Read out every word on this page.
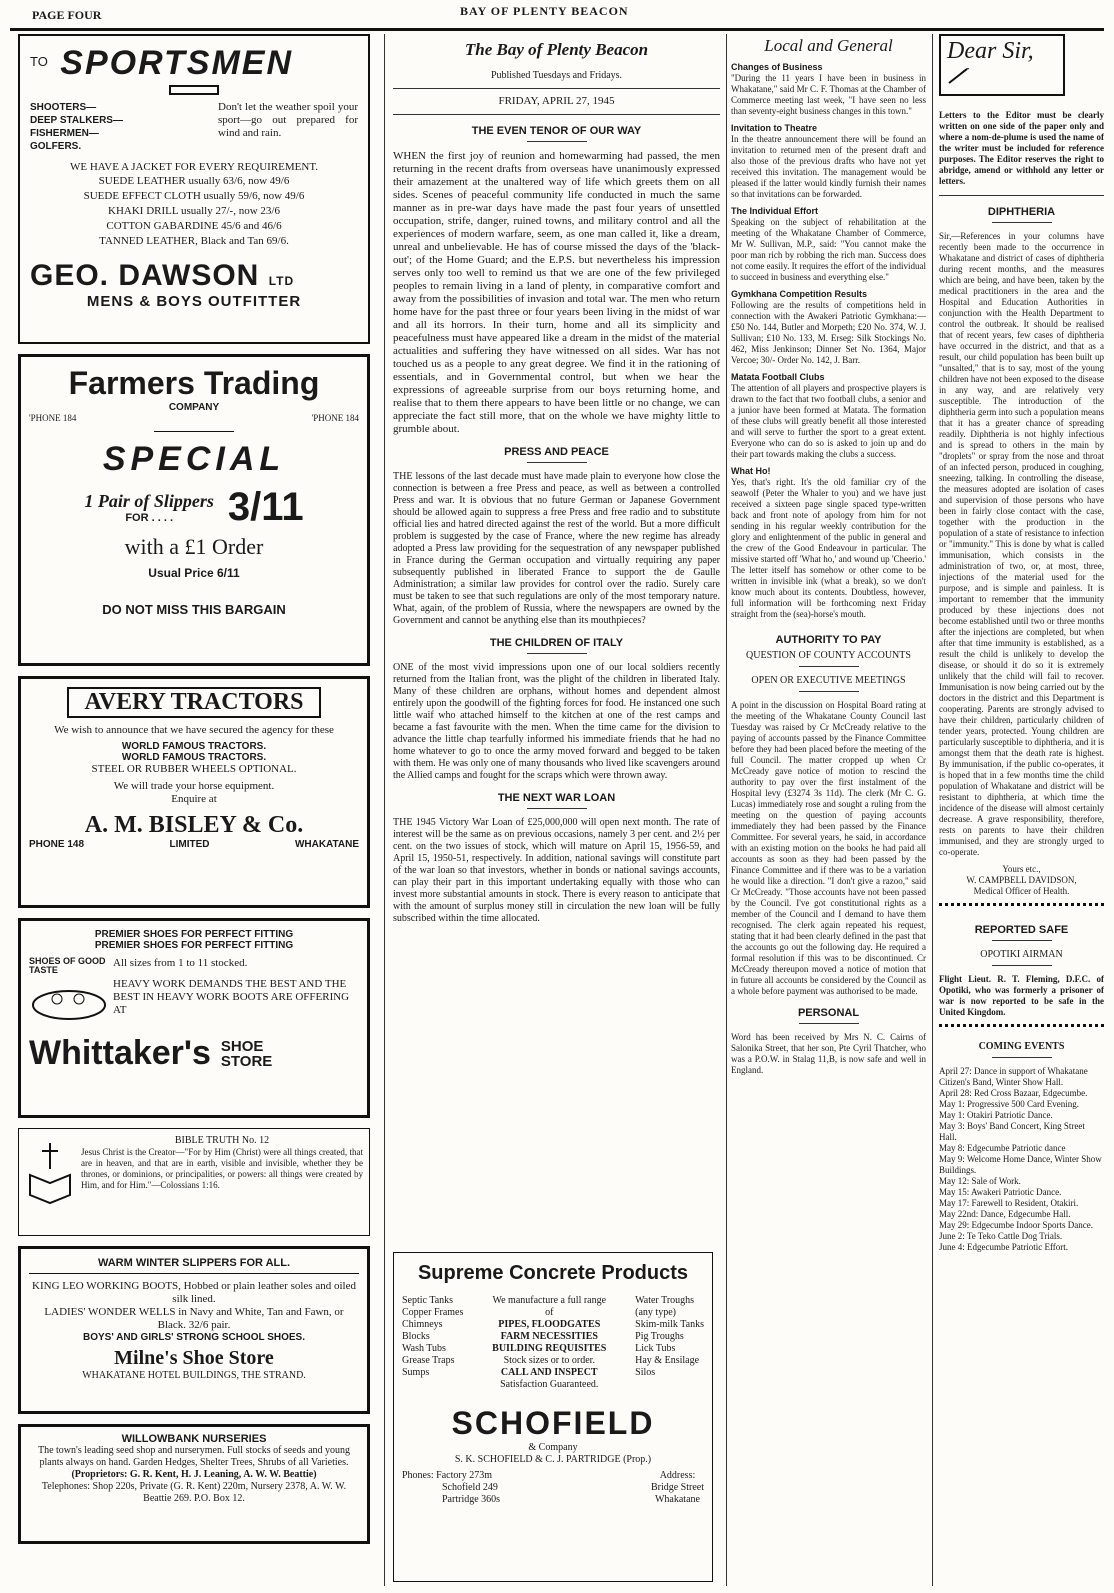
PAGE FOUR	BAY OF PLENTY BEACON
$^{TO}$ SPORTSMEN
SHOOTERS—
DEEP STALKERS—
FISHERMEN—
GOLFERS.
Don't let the weather spoil your sport—go out prepared for wind and rain.
WE HAVE A JACKET FOR EVERY REQUIREMENT.
SUEDE LEATHER usually 63/6, now 49/6
SUEDE EFFECT CLOTH usually 59/6, now 49/6
KHAKI DRILL usually 27/-, now 23/6
COTTON GABARDINE 45/6 and 46/6
TANNED LEATHER, Black and Tan 69/6.
GEO. DAWSON LTD
MENS & BOYS OUTFITTER
Farmers Trading
COMPANY
'PHONE 184	'PHONE 184
SPECIAL
1 Pair of Slippers
FOR . . . .	3/11
with a £1 Order
Usual Price 6/11
DO NOT MISS THIS BARGAIN
AVERY TRACTORS
We wish to announce that we have secured the agency for these
WORLD FAMOUS TRACTORS.
WORLD FAMOUS TRACTORS.
STEEL OR RUBBER WHEELS OPTIONAL.
We will trade your horse equipment.
Enquire at
A. M. BISLEY & Co.
PHONE 148	LIMITED	WHAKATANE
PREMIER SHOES FOR PERFECT FITTING
PREMIER SHOES FOR PERFECT FITTING
SHOES OF GOOD TASTE
All sizes from 1 to 11 stocked.
HEAVY WORK DEMANDS THE BEST AND THE BEST IN HEAVY WORK BOOTS ARE OFFERING AT
Whittaker's SHOE STORE
BIBLE TRUTH No. 12
Jesus Christ is the Creator—"For by Him (Christ) were all things created, that are in heaven, and that are in earth, visible and invisible, whether they be thrones, or dominions, or principalities, or powers: all things were created by Him, and for Him."—Colossians 1:16.
WARM WINTER SLIPPERS FOR ALL.
KING LEO WORKING BOOTS, Hobbed or plain leather soles and oiled silk lined.
LADIES' WONDER WELLS in Navy and White, Tan and Fawn, or Black. 32/6 pair.
BOYS' AND GIRLS' STRONG SCHOOL SHOES.
Milne's Shoe Store
WHAKATANE HOTEL BUILDINGS, THE STRAND.
WILLOWBANK NURSERIES
The town's leading seed shop and nurserymen. Full stocks of seeds and young plants always on hand. Garden Hedges, Shelter Trees, Shrubs of all Varieties.
(Proprietors: G. R. Kent, H. J. Leaning, A. W. W. Beattie)
Telephones: Shop 220s, Private (G. R. Kent) 220m, Nursery 2378, A. W. W. Beattie 269. P.O. Box 12.
The Bay of Plenty Beacon
Published Tuesdays and Fridays.
FRIDAY, APRIL 27, 1945
THE EVEN TENOR OF OUR WAY

WHEN the first joy of reunion and homewarming had passed, the men returning in the recent drafts from overseas have unanimously expressed their amazement at the unaltered way of life which greets them on all sides. Scenes of peaceful community life conducted in much the same manner as in pre-war days have made the past four years of unsettled occupation, strife, danger, ruined towns, and military control and all the experiences of modern warfare, seem, as one man called it, like a dream, unreal and unbelievable. He has of course missed the days of the 'black-out'; of the Home Guard; and the E.P.S. but nevertheless his impression serves only too well to remind us that we are one of the few privileged peoples to remain living in a land of plenty, in comparative comfort and away from the possibilities of invasion and total war. The men who return home have for the past three or four years been living in the midst of war and all its horrors. In their turn, home and all its simplicity and peacefulness must have appeared like a dream in the midst of the material actualities and suffering they have witnessed on all sides. War has not touched us as a people to any great degree. We find it in the rationing of essentials, and in Governmental control, but when we hear the expressions of agreeable surprise from our boys returning home, and realise that to them there appears to have been little or no change, we can appreciate the fact still more, that on the whole we have mighty little to grumble about.

PRESS AND PEACE

THE lessons of the last decade must have made plain to everyone how close the connection is between a free Press and peace, as well as between a controlled Press and war. It is obvious that no future German or Japanese Government should be allowed again to suppress a free Press and free radio and to substitute official lies and hatred directed against the rest of the world. But a more difficult problem is suggested by the case of France, where the new regime has already adopted a Press law providing for the sequestration of any newspaper published in France during the German occupation and virtually requiring any paper subsequently published in liberated France to support the de Gaulle Administration; a similar law provides for control over the radio. Surely care must be taken to see that such regulations are only of the most temporary nature. What, again, of the problem of Russia, where the newspapers are owned by the Government and cannot be anything else than its mouthpieces?

THE CHILDREN OF ITALY

ONE of the most vivid impressions upon one of our local soldiers recently returned from the Italian front, was the plight of the children in liberated Italy. Many of these children are orphans, without homes and dependent almost entirely upon the goodwill of the fighting forces for food. He instanced one such little waif who attached himself to the kitchen at one of the rest camps and became a fast favourite with the men. When the time came for the division to advance the little chap tearfully informed his immediate friends that he had no home whatever to go to once the army moved forward and begged to be taken with them. He was only one of many thousands who lived like scavengers around the Allied camps and fought for the scraps which were thrown away.

THE NEXT WAR LOAN

THE 1945 Victory War Loan of £25,000,000 will open next month. The rate of interest will be the same as on previous occasions, namely 3 per cent. and 2½ per cent. on the two issues of stock, which will mature on April 15, 1956-59, and April 15, 1950-51, respectively. In addition, national savings will constitute part of the war loan so that investors, whether in bonds or national savings accounts, can play their part in this important undertaking equally with those who can invest more substantial amounts in stock. There is every reason to anticipate that with the amount of surplus money still in circulation the new loan will be fully subscribed within the time allocated.

Supreme Concrete Products
Septic Tanks
Copper Frames
Chimneys
Blocks
Wash Tubs
Grease Traps
Sumps
We manufacture a full range of
PIPES, FLOODGATES
FARM NECESSITIES
BUILDING REQUISITES
Stock sizes or to order.
CALL AND INSPECT
Satisfaction Guaranteed.
Water Troughs
(any type)
Skim-milk Tanks
Pig Troughs
Lick Tubs
Hay & Ensilage
Silos
SCHOFIELD
& Company
S. K. SCHOFIELD & C. J. PARTRIDGE (Prop.)
Phones: Factory 273m
Schofield 249
Partridge 360s
Address:
Bridge Street
Whakatane
Local and General
Changes of Business

"During the 11 years I have been in business in Whakatane," said Mr C. F. Thomas at the Chamber of Commerce meeting last week, "I have seen no less than seventy-eight business changes in this town."

Invitation to Theatre

In the theatre announcement there will be found an invitation to returned men of the present draft and also those of the previous drafts who have not yet received this invitation. The management would be pleased if the latter would kindly furnish their names so that invitations can be forwarded.

The Individual Effort

Speaking on the subject of rehabilitation at the meeting of the Whakatane Chamber of Commerce, Mr W. Sullivan, M.P., said: "You cannot make the poor man rich by robbing the rich man. Success does not come easily. It requires the effort of the individual to succeed in business and everything else."

Gymkhana Competition Results

Following are the results of competitions held in connection with the Awakeri Patriotic Gymkhana:—£50 No. 144, Butler and Morpeth; £20 No. 374, W. J. Sullivan; £10 No. 133, M. Erseg: Silk Stockings No. 462, Miss Jenkinson; Dinner Set No. 1364, Major Vercoe; 30/- Order No. 142, J. Barr.

Matata Football Clubs

The attention of all players and prospective players is drawn to the fact that two football clubs, a senior and a junior have been formed at Matata. The formation of these clubs will greatly benefit all those interested and will serve to further the sport to a great extent. Everyone who can do so is asked to join up and do their part towards making the clubs a success.

What Ho!

Yes, that's right. It's the old familiar cry of the seawolf (Peter the Whaler to you) and we have just received a sixteen page single spaced type-written back and front note of apology from him for not sending in his regular weekly contribution for the glory and enlightenment of the public in general and the crew of the Good Endeavour in particular. The missive started off 'What ho,' and wound up 'Cheerio.' The letter itself has somehow or other come to be written in invisible ink (what a break), so we don't know much about its contents. Doubtless, however, full information will be forthcoming next Friday straight from the (sea)-horse's mouth.

AUTHORITY TO PAY
QUESTION OF COUNTY ACCOUNTS
OPEN OR EXECUTIVE MEETINGS

A point in the discussion on Hospital Board rating at the meeting of the Whakatane County Council last Tuesday was raised by Cr McCready relative to the paying of accounts passed by the Finance Committee before they had been placed before the meeting of the full Council. The matter cropped up when Cr McCready gave notice of motion to rescind the authority to pay over the first instalment of the Hospital levy (£3274 3s 11d). The clerk (Mr C. G. Lucas) immediately rose and sought a ruling from the meeting on the question of paying accounts immediately they had been passed by the Finance Committee. For several years, he said, in accordance with an existing motion on the books he had paid all accounts as soon as they had been passed by the Finance Committee and if there was to be a variation he would like a direction. "I don't give a razoo," said Cr McCready. "Those accounts have not been passed by the Council. I've got constitutional rights as a member of the Council and I demand to have them recognised. The clerk again repeated his request, stating that it had been clearly defined in the past that the accounts go out the following day. He required a formal resolution if this was to be discontinued. Cr McCready thereupon moved a notice of motion that in future all accounts be considered by the Council as a whole before payment was authorised to be made.

PERSONAL

Word has been received by Mrs N. C. Cairns of Salonika Street, that her son, Pte Cyril Thatcher, who was a P.O.W. in Stalag 11,B, is now safe and well in England.

Dear Sir,

Letters to the Editor must be clearly written on one side of the paper only and where a nom-de-plume is used the name of the writer must be included for reference purposes. The Editor reserves the right to abridge, amend or withhold any letter or letters.

DIPHTHERIA

Sir,—References in your columns have recently been made to the occurrence in Whakatane and district of cases of diphtheria during recent months, and the measures which are being, and have been, taken by the medical practitioners in the area and the Hospital and Education Authorities in conjunction with the Health Department to control the outbreak. It should be realised that of recent years, few cases of diphtheria have occurred in the district, and that as a result, our child population has been built up "unsalted," that is to say, most of the young children have not been exposed to the disease in any way, and are relatively very susceptible. The introduction of the diphtheria germ into such a population means that it has a greater chance of spreading readily. Diphtheria is not highly infectious and is spread to others in the main by "droplets" or spray from the nose and throat of an infected person, produced in coughing, sneezing, talking. In controlling the disease, the measures adopted are isolation of cases and supervision of those persons who have been in fairly close contact with the case, together with the production in the population of a state of resistance to infection or "immunity." This is done by what is called immunisation, which consists in the administration of two, or, at most, three, injections of the material used for the purpose, and is simple and painless. It is important to remember that the immunity produced by these injections does not become established until two or three months after the injections are completed, but when after that time immunity is established, as a result the child is unlikely to develop the disease, or should it do so it is extremely unlikely that the child will fail to recover. Immunisation is now being carried out by the doctors in the district and this Department is cooperating. Parents are strongly advised to have their children, particularly children of tender years, protected. Young children are particularly susceptible to diphtheria, and it is amongst them that the death rate is highest. By immunisation, if the public co-operates, it is hoped that in a few months time the child population of Whakatane and district will be resistant to diphtheria, at which time the incidence of the disease will almost certainly decrease. A grave responsibility, therefore, rests on parents to have their children immunised, and they are strongly urged to co-operate.

Yours etc.,
W. CAMPBELL DAVIDSON,
Medical Officer of Health.
REPORTED SAFE
OPOTIKI AIRMAN

Flight Lieut. R. T. Fleming, D.F.C. of Opotiki, who was formerly a prisoner of war is now reported to be safe in the United Kingdom.

COMING EVENTS
April 27: Dance in support of Whakatane Citizen's Band, Winter Show Hall.
April 28: Red Cross Bazaar, Edgecumbe.
May 1: Progressive 500 Card Evening.
May 1: Otakiri Patriotic Dance.
May 3: Boys' Band Concert, King Street Hall.
May 8: Edgecumbe Patriotic dance
May 9: Welcome Home Dance, Winter Show Buildings.
May 12: Sale of Work.
May 15: Awakeri Patriotic Dance.
May 17: Farewell to Resident, Otakiri.
May 22nd: Dance, Edgecumbe Hall.
May 29: Edgecumbe Indoor Sports Dance.
June 2: Te Teko Cattle Dog Trials.
June 4: Edgecumbe Patriotic Effort.
